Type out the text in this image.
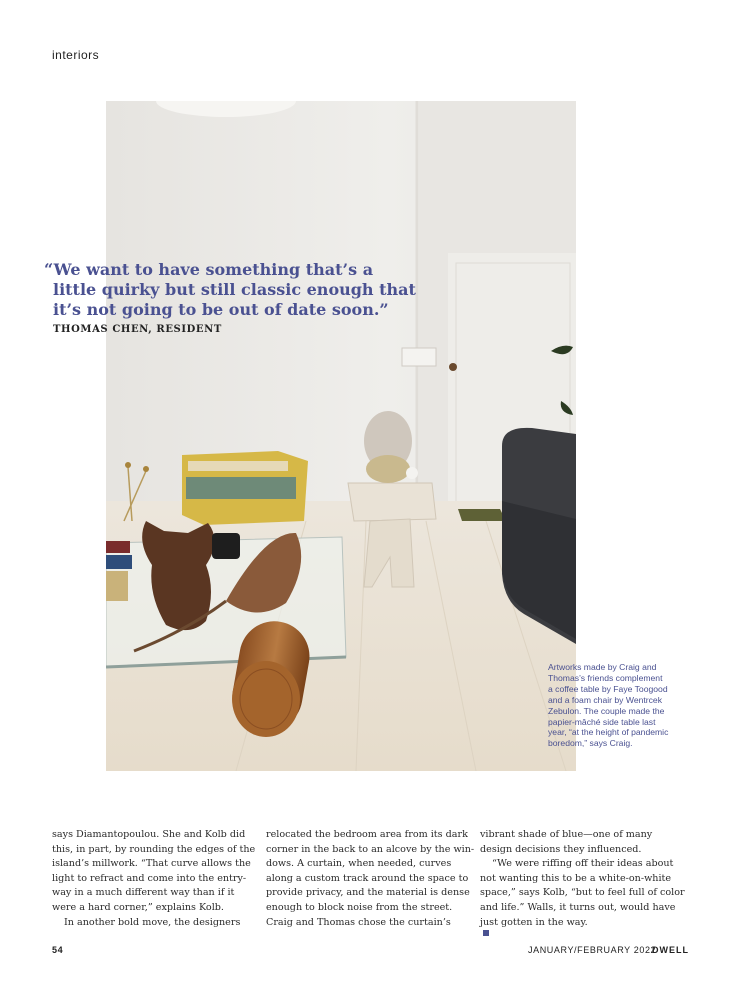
interiors
“We want to have something that’s a
little quirky but still classic enough that
it’s not going to be out of date soon.”
THOMAS CHEN, RESIDENT
Artworks made by Craig and
Thomas’s friends complement
a coffee table by Faye Toogood
and a foam chair by Wentrcek
Zebulon. The couple made the
papier-mâché side table last
year, “at the height of pandemic
boredom,” says Craig.
says Diamantopoulou. She and Kolb did
this, in part, by rounding the edges of the
island’s millwork. “That curve allows the
light to refract and come into the entry-
way in a much different way than if it
were a hard corner,” explains Kolb.
In another bold move, the designers
relocated the bedroom area from its dark
corner in the back to an alcove by the win-
dows. A curtain, when needed, curves
along a custom track around the space to
provide privacy, and the material is dense
enough to block noise from the street.
Craig and Thomas chose the curtain’s
vibrant shade of blue—one of many
design decisions they influenced.
“We were riffing off their ideas about
not wanting this to be a white-on-white
space,” says Kolb, “but to feel full of color
and life.” Walls, it turns out, would have
just gotten in the way.
54	JANUARY/FEBRUARY 2022
DWELL
